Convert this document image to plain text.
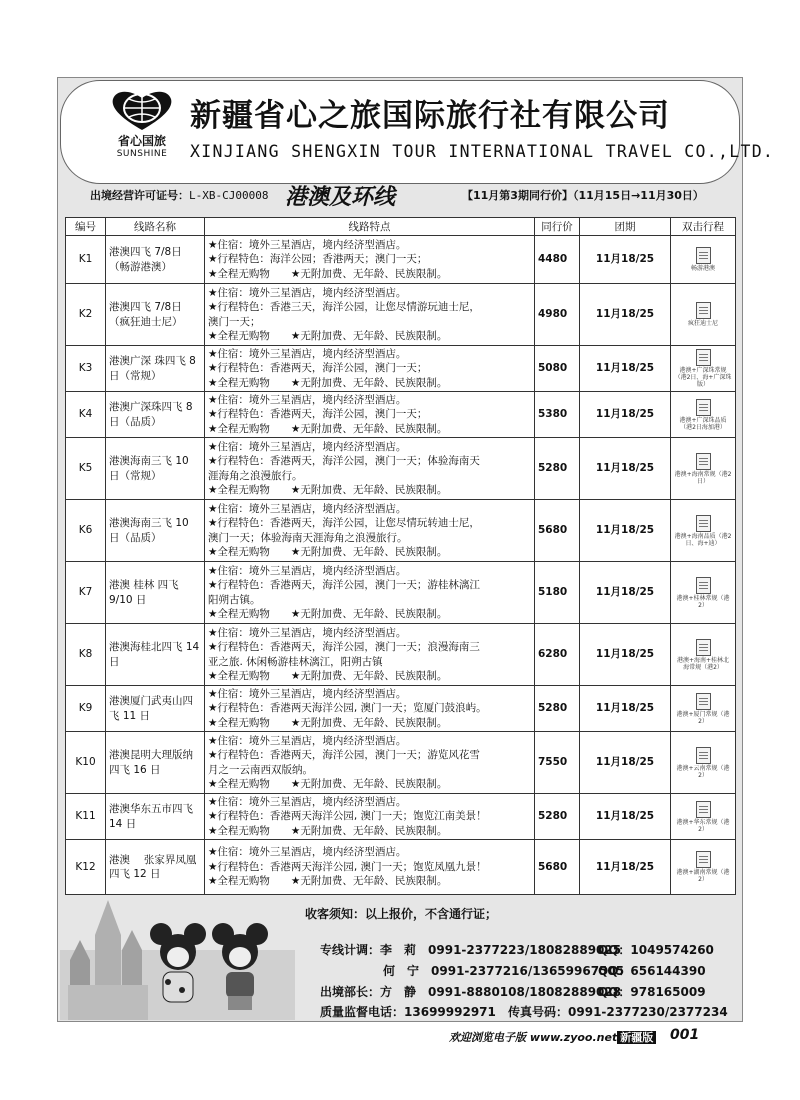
省心国旅
SUNSHINE
新疆省心之旅国际旅行社有限公司
XINJIANG SHENGXIN TOUR INTERNATIONAL TRAVEL CO.,LTD.
出境经营许可证号：L-XB-CJ00008 港澳及环线	【11月第3期同行价】（11月15日→11月30日）
编号	线路名称	线路特点	同行价	团期	双击行程
K1	港澳四飞 7/8日（畅游港澳）	★住宿：境外三星酒店，境内经济型酒店。
★行程特色：海洋公园；香港两天；澳门一天；
★全程无购物　　★无附加费、无年龄、民族限制。	4480	11月18/25	畅游港澳

K2	港澳四飞 7/8日（疯狂迪士尼）	★住宿：境外三星酒店，境内经济型酒店。
★行程特色：香港三天，海洋公园，让您尽情游玩迪士尼，
澳门一天；
★全程无购物　　★无附加费、无年龄、民族限制。	4980	11月18/25	疯狂迪士尼

K3	港澳广深 珠四飞 8 日（常规）	★住宿：境外三星酒店，境内经济型酒店。
★行程特色：香港两天，海洋公园，澳门一天；
★全程无购物　　★无附加费、无年龄、民族限制。	5080	11月18/25	港澳+广深珠常规（港2日、海+广深珠版）

K4	港澳广深珠四飞 8 日（品质）	★住宿：境外三星酒店，境内经济型酒店。
★行程特色：香港两天，海洋公园，澳门一天；
★全程无购物　　★无附加费、无年龄、民族限制。	5380	11月18/25	港澳+广深珠品质（港2日海加港）

K5	港澳海南三飞 10 日（常规）	★住宿：境外三星酒店，境内经济型酒店。
★行程特色：香港两天，海洋公园，澳门一天；体验海南天
涯海角之浪漫旅行。
★全程无购物　　★无附加费、无年龄、民族限制。	5280	11月18/25	港澳+海南常规（港2日）

K6	港澳海南三飞 10 日（品质）	★住宿：境外三星酒店，境内经济型酒店。
★行程特色：香港两天，海洋公园，让您尽情玩转迪士尼，
澳门一天；体验海南天涯海角之浪漫旅行。
★全程无购物　　★无附加费、无年龄、民族限制。	5680	11月18/25	港澳+海南品质（港2日、海+迪）

K7	港澳 桂林 四飞 9/10 日	★住宿：境外三星酒店，境内经济型酒店。
★行程特色：香港两天，海洋公园，澳门一天；游桂林漓江
阳朔古镇。
★全程无购物　　★无附加费、无年龄、民族限制。	5180	11月18/25	港澳+桂林常规（港2）

K8	港澳海桂北四飞 14 日	★住宿：境外三星酒店，境内经济型酒店。
★行程特色：香港两天，海洋公园，澳门一天；浪漫海南三
亚之旅. 休闲畅游桂林漓江，阳朔古镇
★全程无购物　　★无附加费、无年龄、民族限制。	6280	11月18/25	港澳+海南+桂林北海常规（港2）

K9	港澳厦门武夷山四飞 11 日	★住宿：境外三星酒店，境内经济型酒店。
★行程特色：香港两天海洋公园, 澳门一天；览厦门鼓浪屿。
★全程无购物　　★无附加费、无年龄、民族限制。	5280	11月18/25	港澳+厦门常规（港2）

K10	港澳昆明大理版纳四飞 16 日	★住宿：境外三星酒店，境内经济型酒店。
★行程特色：香港两天，海洋公园，澳门一天；游览风花雪
月之一云南西双版纳。
★全程无购物　　★无附加费、无年龄、民族限制。	7550	11月18/25	港澳+云南常规（港2）

K11	港澳华东五市四飞 14 日	★住宿：境外三星酒店，境内经济型酒店。
★行程特色：香港两天海洋公园, 澳门一天；饱览江南美景！
★全程无购物　　★无附加费、无年龄、民族限制。	5280	11月18/25	港澳+华东常规（港2）

K12	港澳　 张家界凤凰四飞 12 日	★住宿：境外三星酒店，境内经济型酒店。
★行程特色：香港两天海洋公园, 澳门一天；饱览凤凰九景！
★全程无购物　　★无附加费、无年龄、民族限制。	5680	11月18/25	港澳+湖南常规（港2）
收客须知：以上报价，不含通行证；
专线计调：李　莉　 0991-2377223/18082889025
QQ：1049574260
何　宁　 0991-2377216/13659967505
QQ：656144390
出境部长：方　静　 0991-8880108/18082889028
QQ：978165009
质量监督电话：13699992971 传真号码：0991-2377230/2377234
欢迎浏览电子版 www.zyoo.net 新疆版 001
